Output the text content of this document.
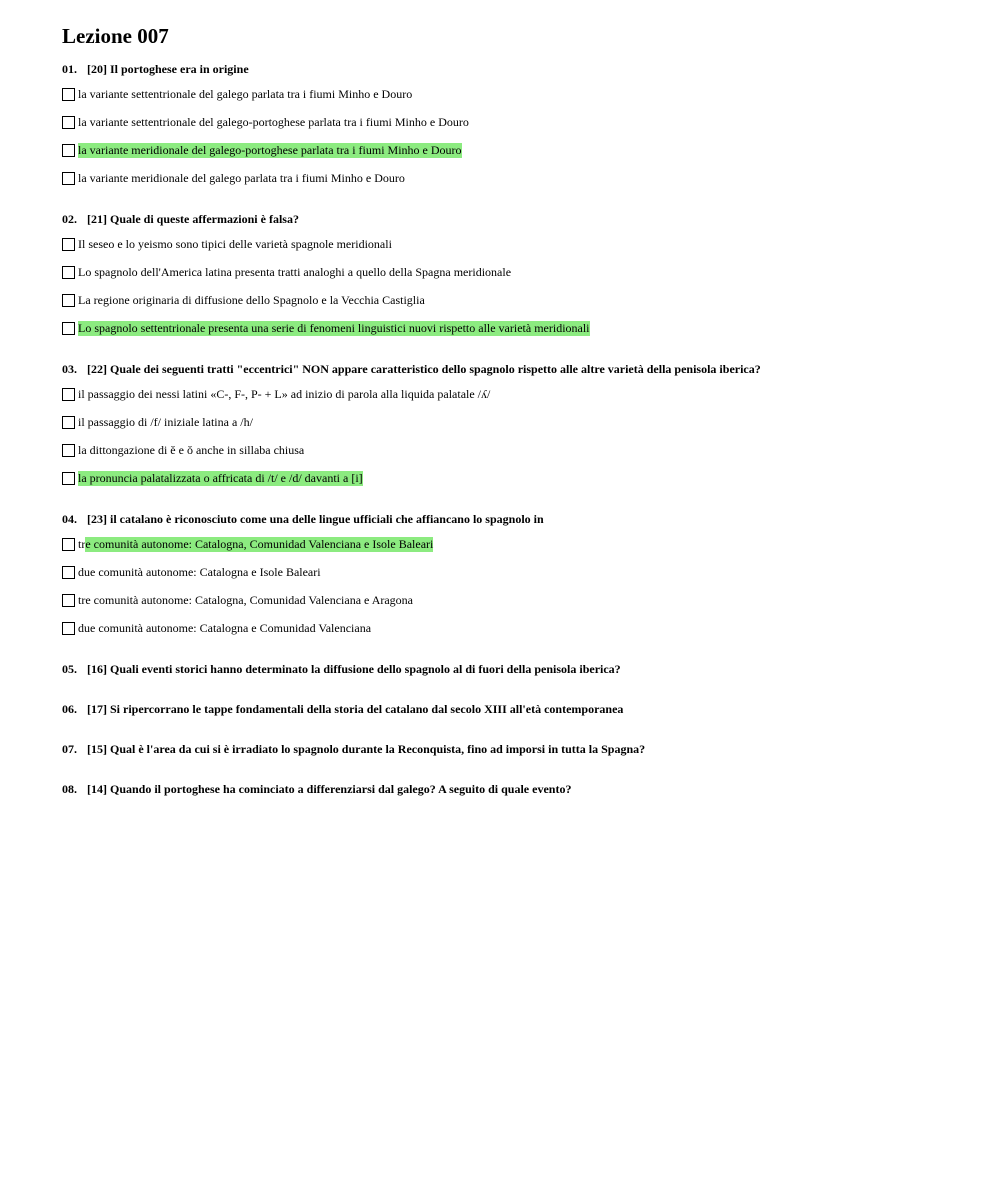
Lezione 007
01. [20] Il portoghese era in origine
la variante settentrionale del galego parlata tra i fiumi Minho e Douro
la variante settentrionale del galego-portoghese parlata tra i fiumi Minho e Douro
la variante meridionale del galego-portoghese parlata tra i fiumi Minho e Douro
la variante meridionale del galego parlata tra i fiumi Minho e Douro
02. [21] Quale di queste affermazioni è falsa?
Il seseo e lo yeismo sono tipici delle varietà spagnole meridionali
Lo spagnolo dell'America latina presenta tratti analoghi a quello della Spagna meridionale
La regione originaria di diffusione dello Spagnolo e la Vecchia Castiglia
Lo spagnolo settentrionale presenta una serie di fenomeni linguistici nuovi rispetto alle varietà meridionali
03. [22] Quale dei seguenti tratti "eccentrici" NON appare caratteristico dello spagnolo rispetto alle altre varietà della penisola iberica?
il passaggio dei nessi latini «C-, F-, P- + L» ad inizio di parola alla liquida palatale /ʎ/
il passaggio di /f/ iniziale latina a /h/
la dittongazione di ĕ e ŏ anche in sillaba chiusa
la pronuncia palatalizzata o affricata di /t/ e /d/ davanti a [i]
04. [23] il catalano è riconosciuto come una delle lingue ufficiali che affiancano lo spagnolo in
tr e comunità autonome: Catalogna, Comunidad Valenciana e Isole Baleari
due comunità autonome: Catalogna e Isole Baleari
tre comunità autonome: Catalogna, Comunidad Valenciana e Aragona
due comunità autonome: Catalogna e Comunidad Valenciana
05. [16] Quali eventi storici hanno determinato la diffusione dello spagnolo al di fuori della penisola iberica?
06. [17] Si ripercorrano le tappe fondamentali della storia del catalano dal secolo XIII all'età contemporanea
07. [15] Qual è l'area da cui si è irradiato lo spagnolo durante la Reconquista, fino ad imporsi in tutta la Spagna?
08. [14] Quando il portoghese ha cominciato a differenziarsi dal galego? A seguito di quale evento?
